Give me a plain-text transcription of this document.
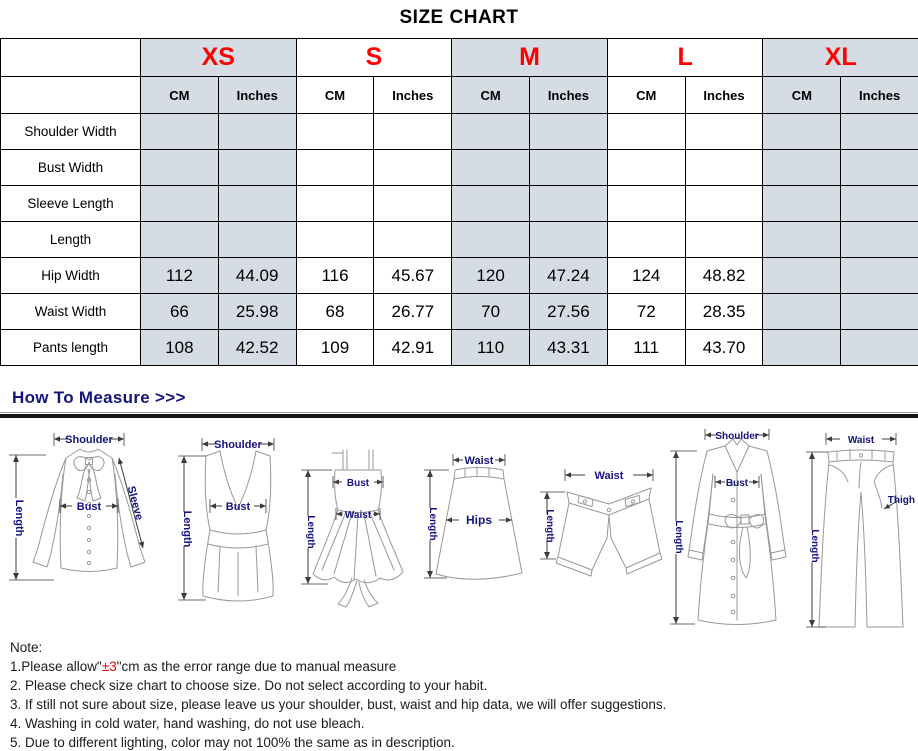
SIZE CHART
	XS		S		M		L		XL	
	CM	Inches	CM	Inches	CM	Inches	CM	Inches	CM	Inches
Shoulder Width										
Bust Width										
Sleeve Length										
Length										
Hip Width	112	44.09	116	45.67	120	47.24	124	48.82		
Waist Width	66	25.98	68	26.77	70	27.56	72	28.35		
Pants length	108	42.52	109	42.91	110	43.31	111	43.70		
How To Measure >>>
Shoulder
Length	Bust Sleeve
Shoulder
Length
Bust
Bust
Waist
Length
Waist
Hips
Length
Waist
Length
Shoulder
Length
Bust
Waist
Length
Thigh
Note:
1.Please allow"±3"cm as the error range due to manual measure
2. Please check size chart to choose size. Do not select according to your habit.
3. If still not sure about size, please leave us your shoulder, bust, waist and hip data, we will offer suggestions.
4. Washing in cold water, hand washing, do not use bleach.
5. Due to different lighting, color may not 100% the same as in description.
